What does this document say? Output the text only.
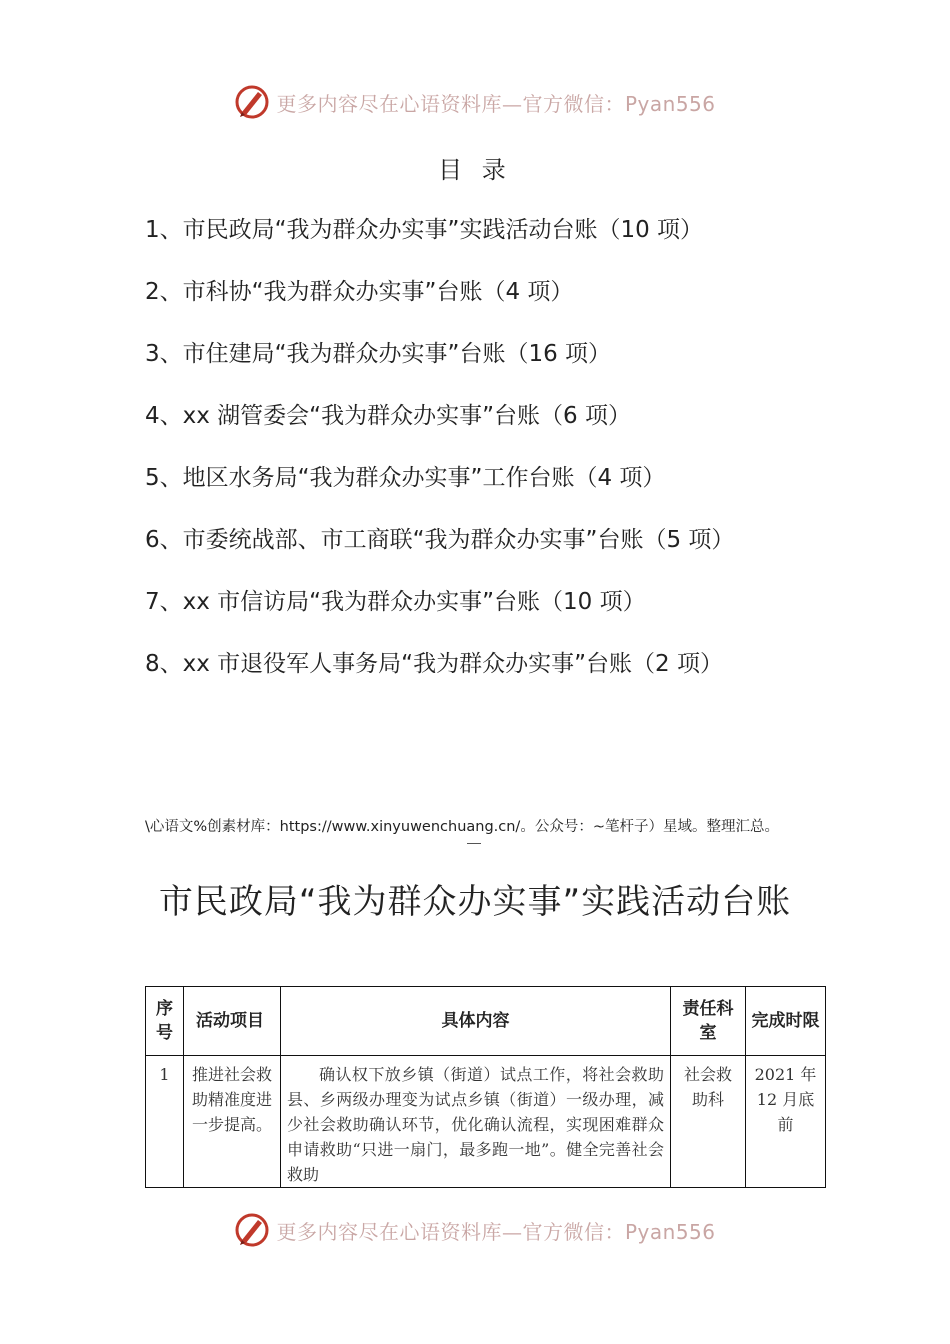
更多内容尽在心语资料库—官方微信：Pyan556
目 录
1、市民政局“我为群众办实事”实践活动台账（10 项）
2、市科协“我为群众办实事”台账（4 项）
3、市住建局“我为群众办实事”台账（16 项）
4、xx 湖管委会“我为群众办实事”台账（6 项）
5、地区水务局“我为群众办实事”工作台账（4 项）
6、市委统战部、市工商联“我为群众办实事”台账（5 项）
7、xx 市信访局“我为群众办实事”台账（10 项）
8、xx 市退役军人事务局“我为群众办实事”台账（2 项）
\心语文%创素材库：https://www.xinyuwenchuang.cn/。公众号：~笔杆子）星域。整理汇总。
市民政局“我为群众办实事”实践活动台账
序号	活动项目	具体内容	责任科室	完成时限
1	推进社会救助精准度进一步提高。	确认权下放乡镇（街道）试点工作，将社会救助县、乡两级办理变为试点乡镇（街道）一级办理，减少社会救助确认环节，优化确认流程，实现困难群众申请救助“只进一扇门，最多跑一地”。健全完善社会救助	社会救助科	2021 年 12 月底前
更多内容尽在心语资料库—官方微信：Pyan556
